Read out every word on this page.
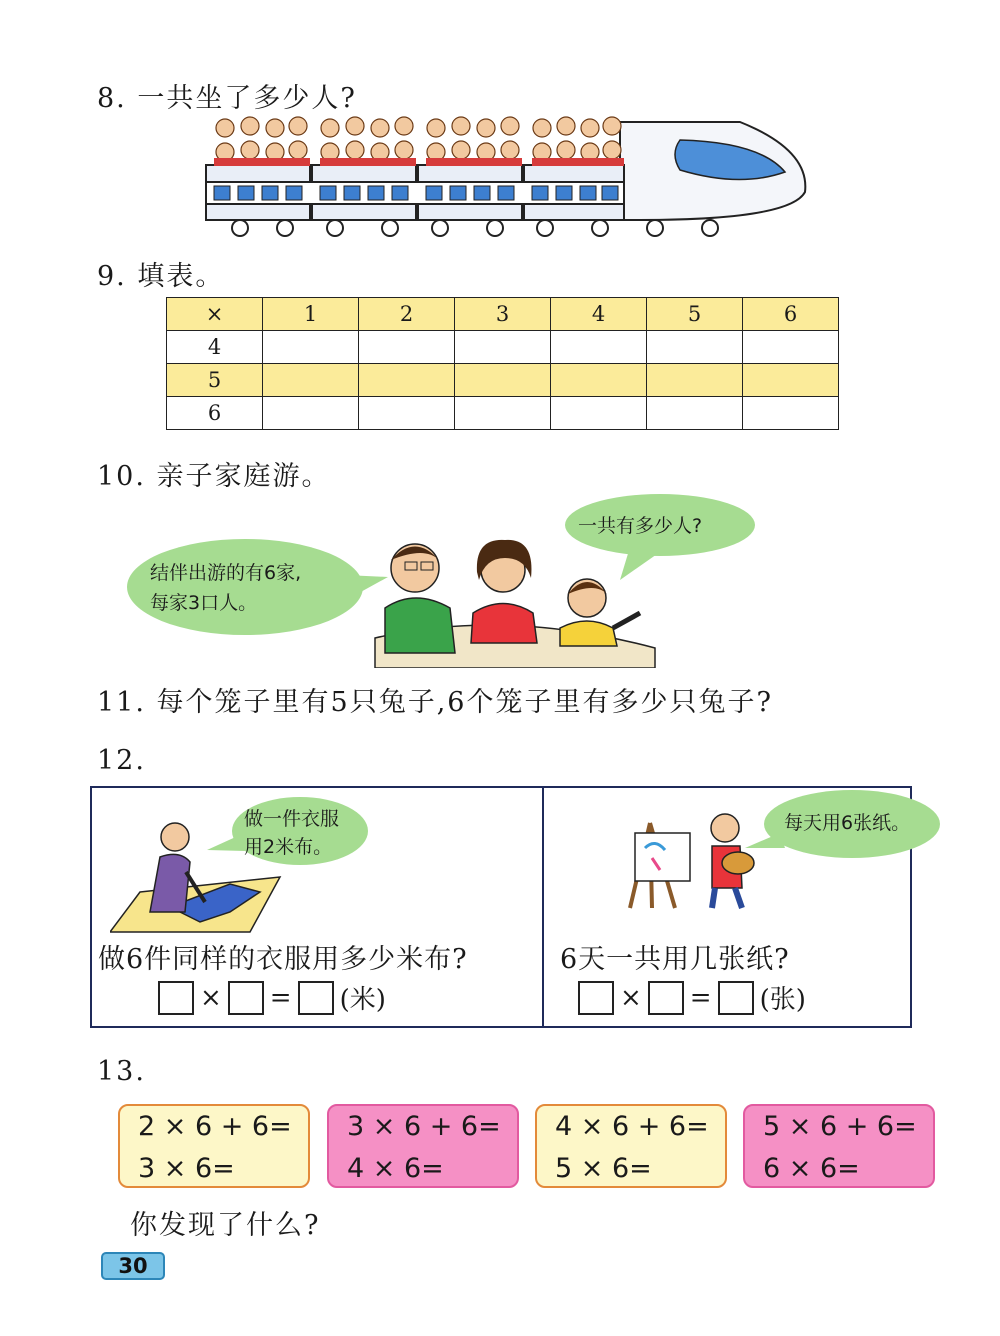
8. 一共坐了多少人?
9. 填表。
×	1	2	3	4	5	6
4						
5						
6						
10. 亲子家庭游。
结伴出游的有6家,
每家3口人。
一共有多少人?
11. 每个笼子里有5只兔子,6个笼子里有多少只兔子?
12.
做一件衣服
用2米布。
做6件同样的衣服用多少米布?
× = (米)
每天用6张纸。
6天一共用几张纸?
× = (张)
13.
2 × 6 + 6=
3 × 6=
3 × 6 + 6=
4 × 6=
4 × 6 + 6=
5 × 6=
5 × 6 + 6=
6 × 6=
你发现了什么?
30
